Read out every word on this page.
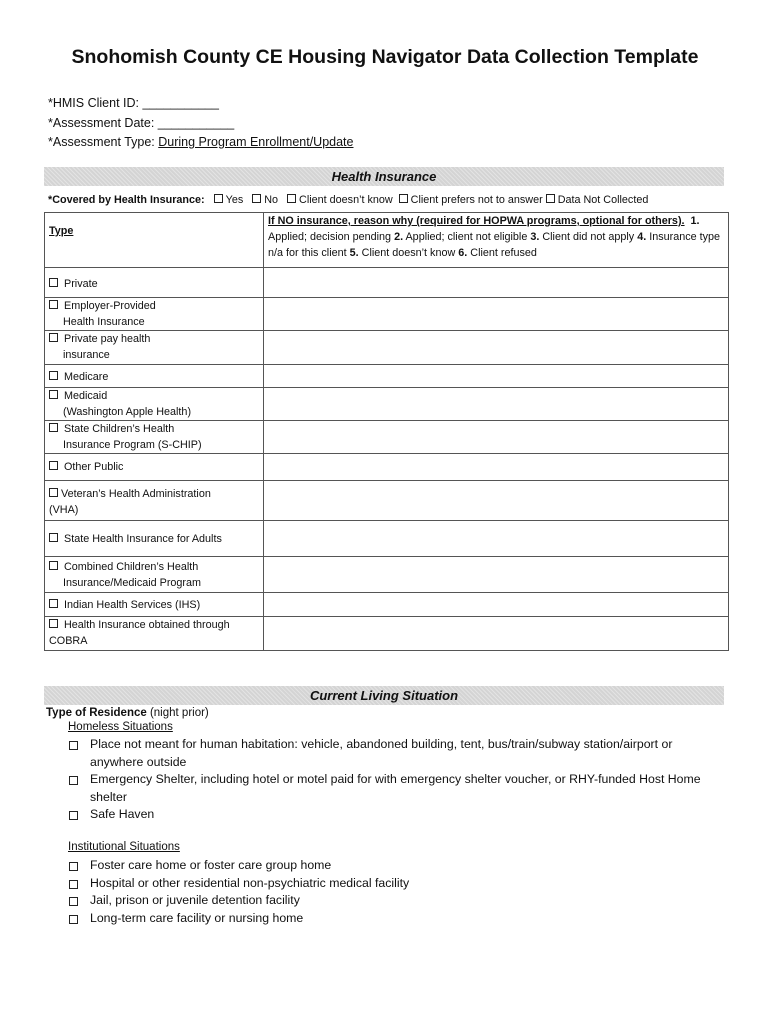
Snohomish County CE Housing Navigator Data Collection Template
*HMIS Client ID: ___________
*Assessment Date: ___________
*Assessment Type: During Program Enrollment/Update
Health Insurance
*Covered by Health Insurance: Yes No Client doesn’t know Client prefers not to answer Data Not Collected
Type	If NO insurance, reason why (required for HOPWA programs, optional for others). 1. Applied; decision pending 2. Applied; client not eligible 3. Client did not apply 4. Insurance type n/a for this client 5. Client doesn’t know 6. Client refused
Private	

Employer-Provided
Health Insurance	

Private pay health
insurance	

Medicare	

Medicaid
(Washington Apple Health)	

State Children’s Health
Insurance Program (S-CHIP)	

Other Public	

Veteran’s Health Administration
(VHA)	

State Health Insurance for Adults	

Combined Children’s Health
Insurance/Medicaid Program	

Indian Health Services (IHS)	

Health Insurance obtained through
COBRA	

Current Living Situation
Type of Residence (night prior)
Homeless Situations
Place not meant for human habitation: vehicle, abandoned building, tent, bus/train/subway station/airport or anywhere outside
Emergency Shelter, including hotel or motel paid for with emergency shelter voucher, or RHY-funded Host Home shelter
Safe Haven
Institutional Situations
Foster care home or foster care group home
Hospital or other residential non-psychiatric medical facility
Jail, prison or juvenile detention facility
Long-term care facility or nursing home
